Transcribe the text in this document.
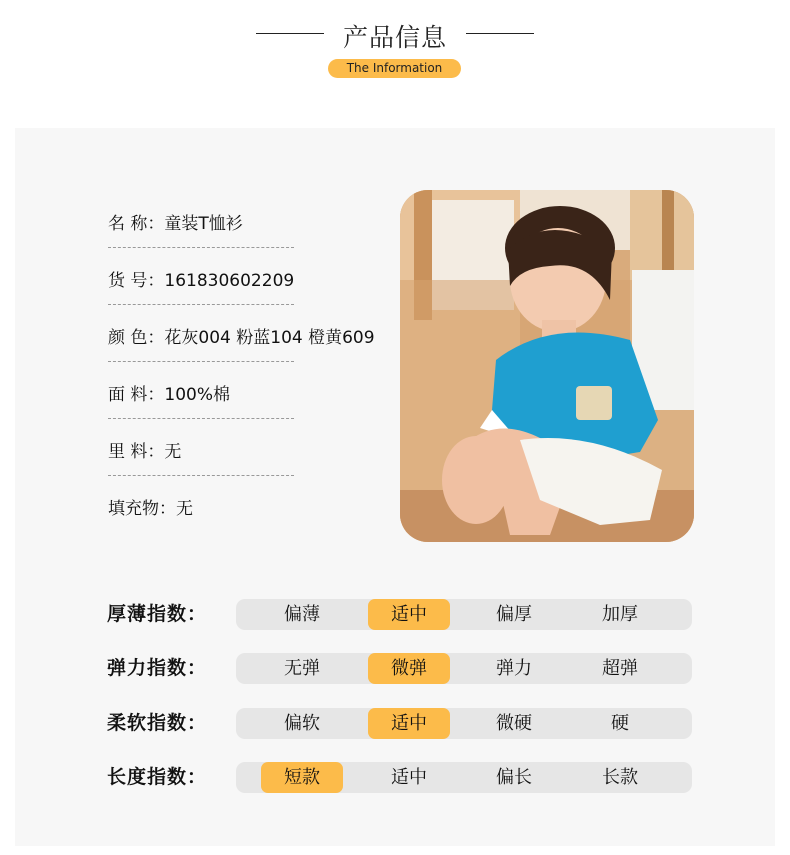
产品信息
The Information
名 称：童装T恤衫
货 号：161830602209
颜 色：花灰004 粉蓝104 橙黄609
面 料：100%棉
里 料：无
填充物：无
厚薄指数：	偏薄	适中	偏厚	加厚
弹力指数：	无弹	微弹	弹力	超弹
柔软指数：	偏软	适中	微硬	硬
长度指数：	短款	适中	偏长	长款
